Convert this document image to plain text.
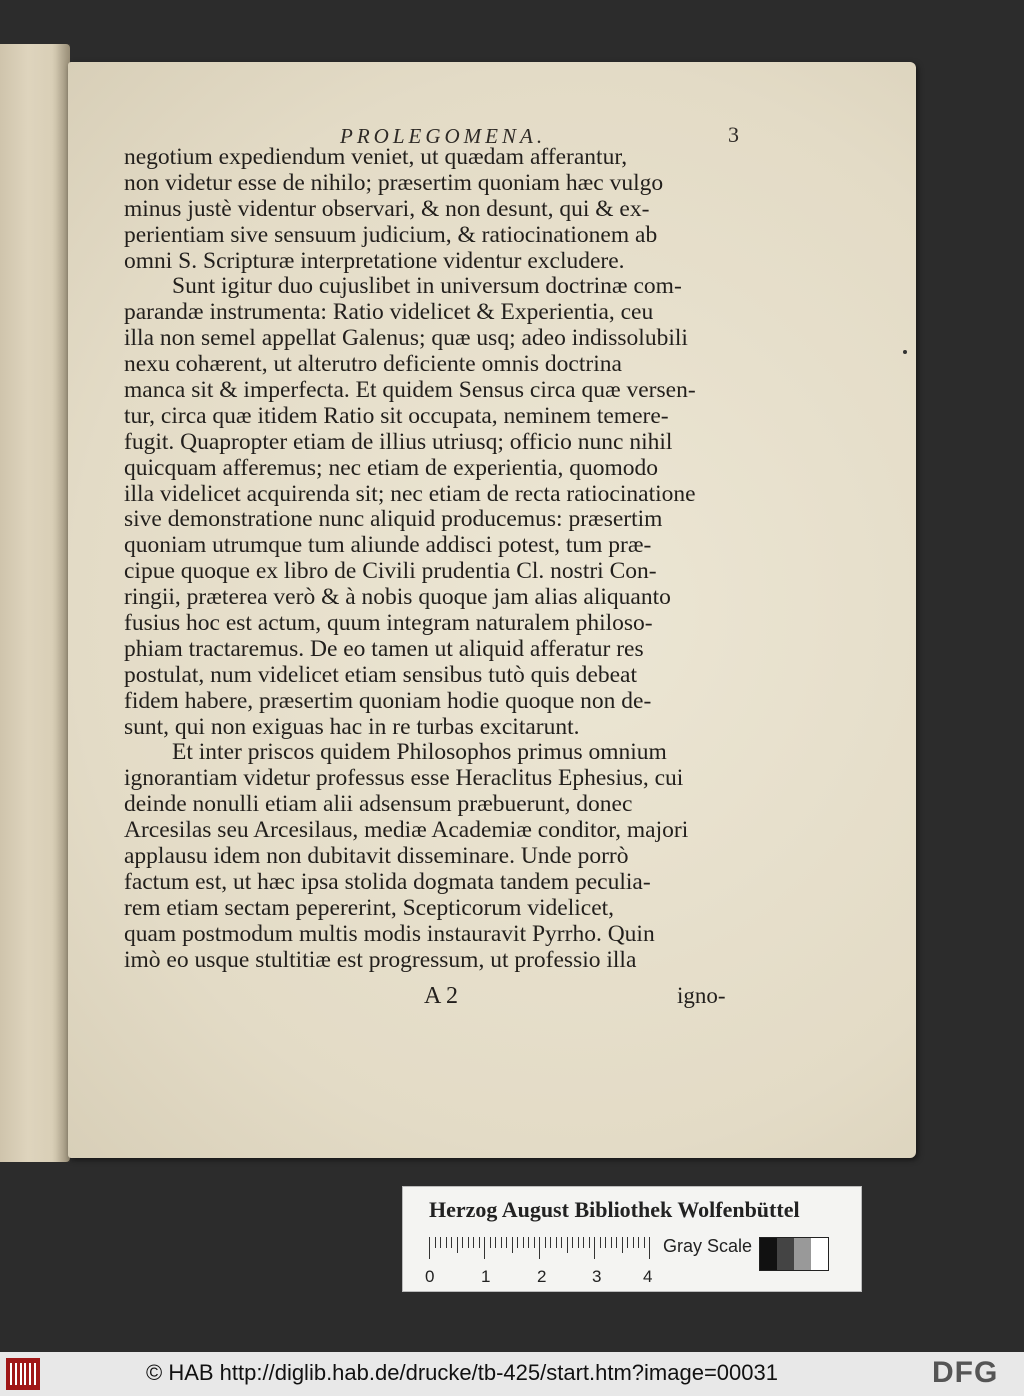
PROLEGOMENA.	3
negotium expediendum veniet, ut quædam afferantur,
non videtur esse de nihilo; præsertim quoniam hæc vulgo
minus justè videntur observari, & non desunt, qui & ex-
perientiam sive sensuum judicium, & ratiocinationem ab
omni S. Scripturæ interpretatione videntur excludere.
Sunt igitur duo cujuslibet in universum doctrinæ com-
parandæ instrumenta: Ratio videlicet & Experientia, ceu
illa non semel appellat Galenus; quæ usq; adeo indissolubili
nexu cohærent, ut alterutro deficiente omnis doctrina
manca sit & imperfecta. Et quidem Sensus circa quæ versen-
tur, circa quæ itidem Ratio sit occupata, neminem temere-
fugit. Quapropter etiam de illius utriusq; officio nunc nihil
quicquam afferemus; nec etiam de experientia, quomodo
illa videlicet acquirenda sit; nec etiam de recta ratiocinatione
sive demonstratione nunc aliquid producemus: præsertim
quoniam utrumque tum aliunde addisci potest, tum præ-
cipue quoque ex libro de Civili prudentia Cl. nostri Con-
ringii, præterea verò & à nobis quoque jam alias aliquanto
fusius hoc est actum, quum integram naturalem philoso-
phiam tractaremus. De eo tamen ut aliquid afferatur res
postulat, num videlicet etiam sensibus tutò quis debeat
fidem habere, præsertim quoniam hodie quoque non de-
sunt, qui non exiguas hac in re turbas excitarunt.
Et inter priscos quidem Philosophos primus omnium
ignorantiam videtur professus esse Heraclitus Ephesius, cui
deinde nonulli etiam alii adsensum præbuerunt, donec
Arcesilas seu Arcesilaus, mediæ Academiæ conditor, majori
applausu idem non dubitavit disseminare. Unde porrò
factum est, ut hæc ipsa stolida dogmata tandem peculia-
rem etiam sectam pepererint, Scepticorum videlicet,
quam postmodum multis modis instauravit Pyrrho. Quin
imò eo usque stultitiæ est progressum, ut professio illa
A 2	igno-
Herzog August Bibliothek Wolfenbüttel
0	1	2	3 4
Gray Scale
© HAB http://diglib.hab.de/drucke/tb-425/start.htm?image=00031	DFG
